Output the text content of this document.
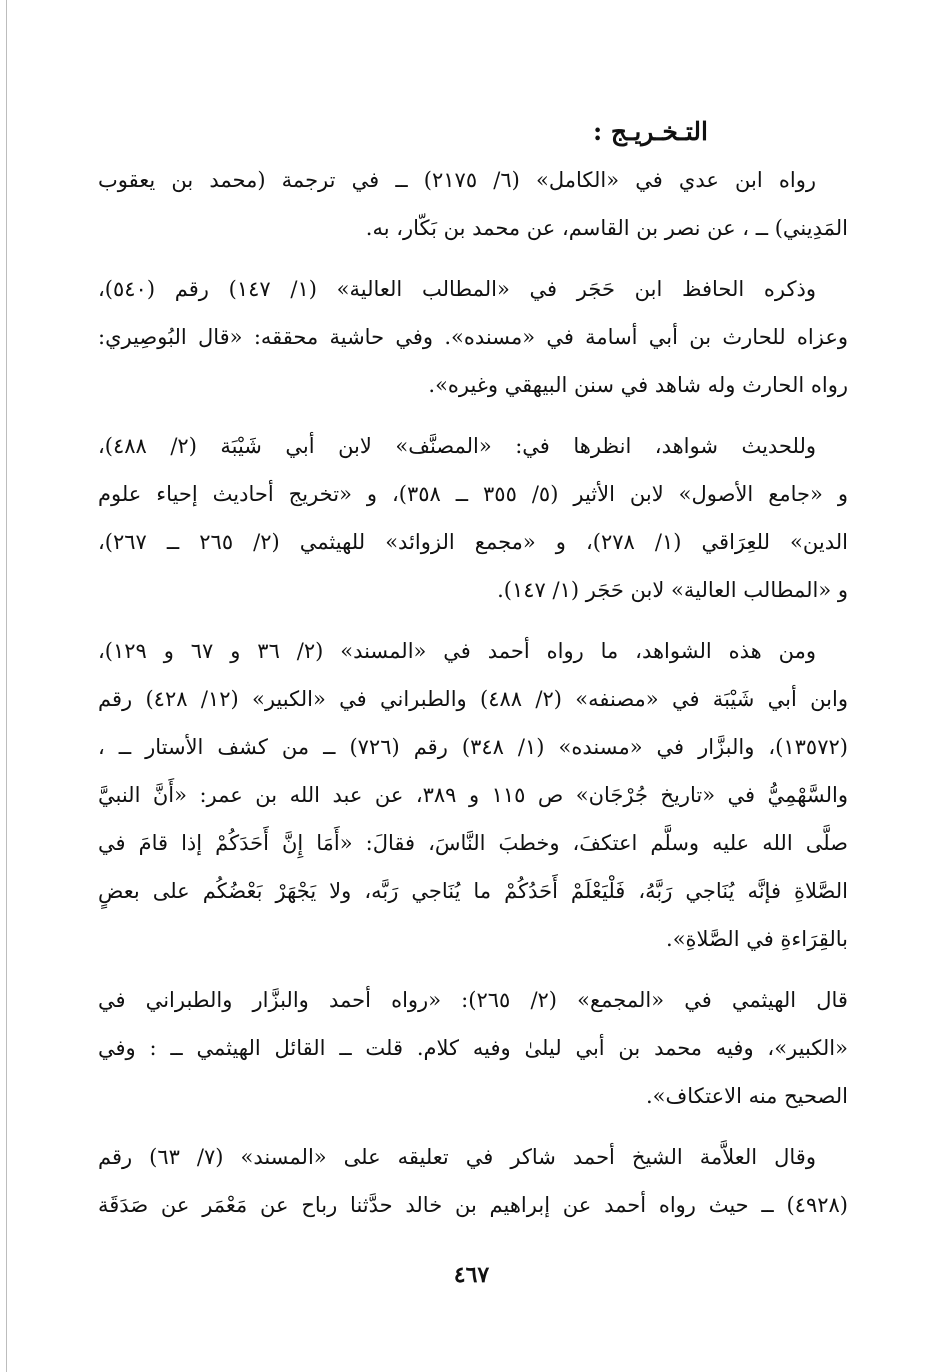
التـخـريـج :
رواه ابن عدي في «الكامل» (٦/ ٢١٧٥) ــ في ترجمة (محمد بن يعقوب
المَدِيني) ــ ، عن نصر بن القاسم، عن محمد بن بَكّار، به.
وذكره الحافظ ابن حَجَر في «المطالب العالية» (١/ ١٤٧) رقم (٥٤٠)،
وعزاه للحارث بن أبي أسامة في «مسنده». وفي حاشية محققه: «قال البُوصِيري:
رواه الحارث وله شاهد في سنن البيهقي وغيره».
وللحديث شواهد، انظرها في: «المصنَّف» لابن أبي شَيْبَة (٢/ ٤٨٨)،
و «جامع الأصول» لابن الأثير (٥/ ٣٥٥ ــ ٣٥٨)، و «تخريج أحاديث إحياء علوم
الدين» للعِرَاقي (١/ ٢٧٨)، و «مجمع الزوائد» للهيثمي (٢/ ٢٦٥ ــ ٢٦٧)،
و «المطالب العالية» لابن حَجَر (١/ ١٤٧).
ومن هذه الشواهد، ما رواه أحمد في «المسند» (٢/ ٣٦ و ٦٧ و ١٢٩)،
وابن أبي شَيْبَة في «مصنفه» (٢/ ٤٨٨) والطبراني في «الكبير» (١٢/ ٤٢٨) رقم
(١٣٥٧٢)، والبزَّار في «مسنده» (١/ ٣٤٨) رقم (٧٢٦) ــ من كشف الأستار ــ ،
والسَّهْمِيُّ في «تاريخ جُرْجَان» ص ١١٥ و ٣٨٩، عن عبد الله بن عمر: «أَنَّ النبيَّ
صلَّى الله عليه وسلَّم اعتكفَ، وخطبَ النَّاسَ، فقالَ: «أَمَا إِنَّ أَحَدَكُمْ إذا قامَ في
الصَّلاةِ فإنَّه يُنَاجي رَبَّهُ، فَلْيَعْلَمْ أَحَدُكُمْ ما يُنَاجي رَبَّه، ولا يَجْهَرْ بَعْضُكُم على بعضٍ
بالقِرَاءةِ في الصَّلاةِ».
قال الهيثمي في «المجمع» (٢/ ٢٦٥): «رواه أحمد والبزَّار والطبراني في
«الكبير»، وفيه محمد بن أبي ليلىٰ وفيه كلام. قلت ــ القائل الهيثمي ــ : وفي
الصحيح منه الاعتكاف».
وقال العلاَّمة الشيخ أحمد شاكر في تعليقه على «المسند» (٧/ ٦٣) رقم
(٤٩٢٨) ــ حيث رواه أحمد عن إبراهيم بن خالد حدَّثنا رباح عن مَعْمَر عن صَدَقَة
٤٦٧
